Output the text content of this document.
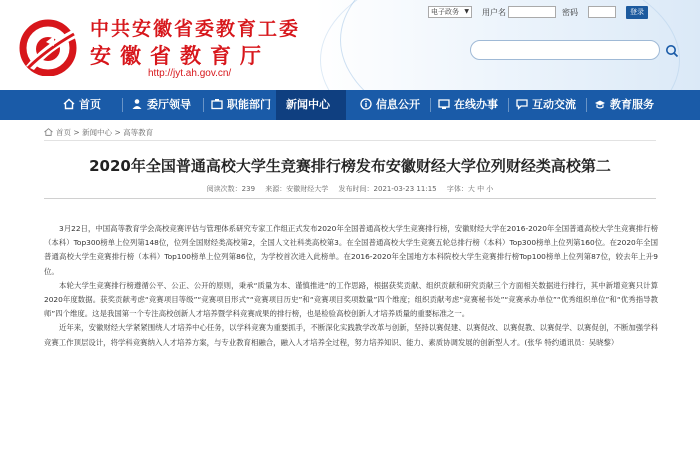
中共安徽省委教育工委
安徽省教育厅
http://jyt.ah.gov.cn/
电子政务 ▼ 用户名	密码	登录
首页	委厅领导	职能部门	新闻中心	信息公开	在线办事	互动交流	教育服务
首页 > 新闻中心 > 高等教育
2020年全国普通高校大学生竞赛排行榜发布安徽财经大学位列财经类高校第二
阅读次数：239 来源：安徽财经大学 发布时间：2021-03-23 11:15 字体：大 中 小

3月22日，中国高等教育学会高校竞赛评估与管理体系研究专家工作组正式发布2020年全国普通高校大学生竞赛排行榜，安徽财经大学在2016-2020年全国普通高校大学生竞赛排行榜（本科）Top300榜单上位列第148位，位列全国财经类高校第2，全国人文社科类高校第3。在全国普通高校大学生竞赛五轮总排行榜（本科）Top300榜单上位列第160位。在2020年全国普通高校大学生竞赛排行榜（本科）Top100榜单上位列第86位，为学校首次进入此榜单。在2016-2020年全国地方本科院校大学生竞赛排行榜Top100榜单上位列第87位，较去年上升9位。

本轮大学生竞赛排行榜遵循公平、公正、公开的原则，秉承“质量为本、谨慎推进”的工作思路，根据获奖贡献、组织贡献和研究贡献三个方面相关数据进行排行，其中新增竞赛只计算2020年度数据。获奖贡献考虑“竞赛项目等级”“竞赛项目形式”“竞赛项目历史”和“竞赛项目奖项数量”四个维度；组织贡献考虑“竞赛秘书处”“竞赛承办单位”“优秀组织单位”和“优秀指导教师”四个维度。这是我国第一个专注高校创新人才培养暨学科竞赛成果的排行榜，也是检验高校创新人才培养质量的重要标准之一。

近年来，安徽财经大学紧紧围绕人才培养中心任务，以学科竞赛为重要抓手，不断深化实践教学改革与创新，坚持以赛促建、以赛促改、以赛促教、以赛促学、以赛促创，不断加强学科竞赛工作顶层设计，将学科竞赛纳入人才培养方案，与专业教育相融合，融入人才培养全过程，努力培养知识、能力、素质协调发展的创新型人才。(张华 特约通讯员：吴晓黎）
